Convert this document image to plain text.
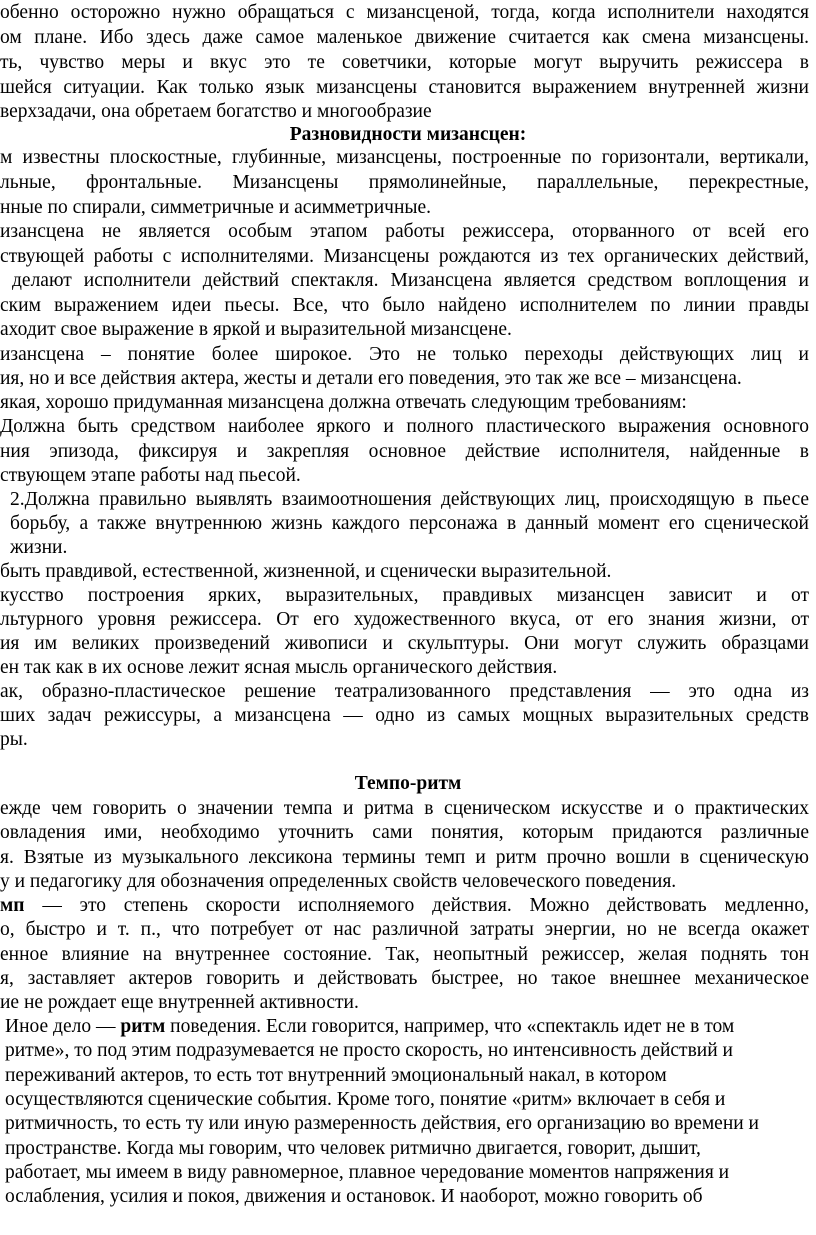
обенно осторожно нужно обращаться с мизансценой, тогда, когда исполнители находятся
ом плане. Ибо здесь даже самое маленькое движение считается как смена мизансцены.
ть, чувство меры и вкус это те советчики, которые могут выручить режиссера в
шейся ситуации. Как только язык мизансцены становится выражением внутренней жизни
верхзадачи, она обретаем богатство и многообразие
Разновидности мизансцен:
м известны плоскостные, глубинные, мизансцены, построенные по горизонтали, вертикали,
льные, фронтальные. Мизансцены прямолинейные, параллельные, перекрестные,
нные по спирали, симметричные и асимметричные.
изансцена не является особым этапом работы режиссера, оторванного от всей его
ствующей работы с исполнителями. Мизансцены рождаются из тех органических действий,
делают исполнители действий спектакля. Мизансцена является средством воплощения и
ским выражением идеи пьесы. Все, что было найдено исполнителем по линии правды
аходит свое выражение в яркой и выразительной мизансцене.
изансцена – понятие более широкое. Это не только переходы действующих лиц и
ия, но и все действия актера, жесты и детали его поведения, это так же все – мизансцена.
якая, хорошо придуманная мизансцена должна отвечать следующим требованиям:
Должна быть средством наиболее яркого и полного пластического выражения основного
ния эпизода, фиксируя и закрепляя основное действие исполнителя, найденные в
ствующем этапе работы над пьесой.
2.Должна правильно выявлять взаимоотношения действующих лиц, происходящую в пьесе
борьбу, а также внутреннюю жизнь каждого персонажа в данный момент его сценической
жизни.
быть правдивой, естественной, жизненной, и сценически выразительной.
кусство построения ярких, выразительных, правдивых мизансцен зависит и от
льтурного уровня режиссера. От его художественного вкуса, от его знания жизни, от
ия им великих произведений живописи и скульптуры. Они могут служить образцами
ен так как в их основе лежит ясная мысль органического действия.
ак, образно-пластическое решение театрализованного представления — это одна из
ших задач режиссуры, а мизансцена — одно из самых мощных выразительных средств
ры.
Темпо-ритм
ежде чем говорить о значении темпа и ритма в сценическом искусстве и о практических
овладения ими, необходимо уточнить сами понятия, которым придаются различные
я. Взятые из музыкального лексикона термины темп и ритм прочно вошли в сценическую
у и педагогику для обозначения определенных свойств человеческого поведения.
мп — это степень скорости исполняемого действия. Можно действовать медленно,
о, быстро и т. п., что потребует от нас различной затраты энергии, но не всегда окажет
енное влияние на внутреннее состояние. Так, неопытный режиссер, желая поднять тон
я, заставляет актеров говорить и действовать быстрее, но такое внешнее механическое
ие не рождает еще внутренней активности.
Иное дело — ритм поведения. Если говорится, например, что «спектакль идет не в том
ритме», то под этим подразумевается не просто скорость, но интенсивность действий и
переживаний актеров, то есть тот внутренний эмоциональный накал, в котором
осуществляются сценические события. Кроме того, понятие «ритм» включает в себя и
ритмичность, то есть ту или иную размеренность действия, его организацию во времени и
пространстве. Когда мы говорим, что человек ритмично двигается, говорит, дышит,
работает, мы имеем в виду равномерное, плавное чередование моментов напряжения и
ослабления, усилия и покоя, движения и остановок. И наоборот, можно говорить об
